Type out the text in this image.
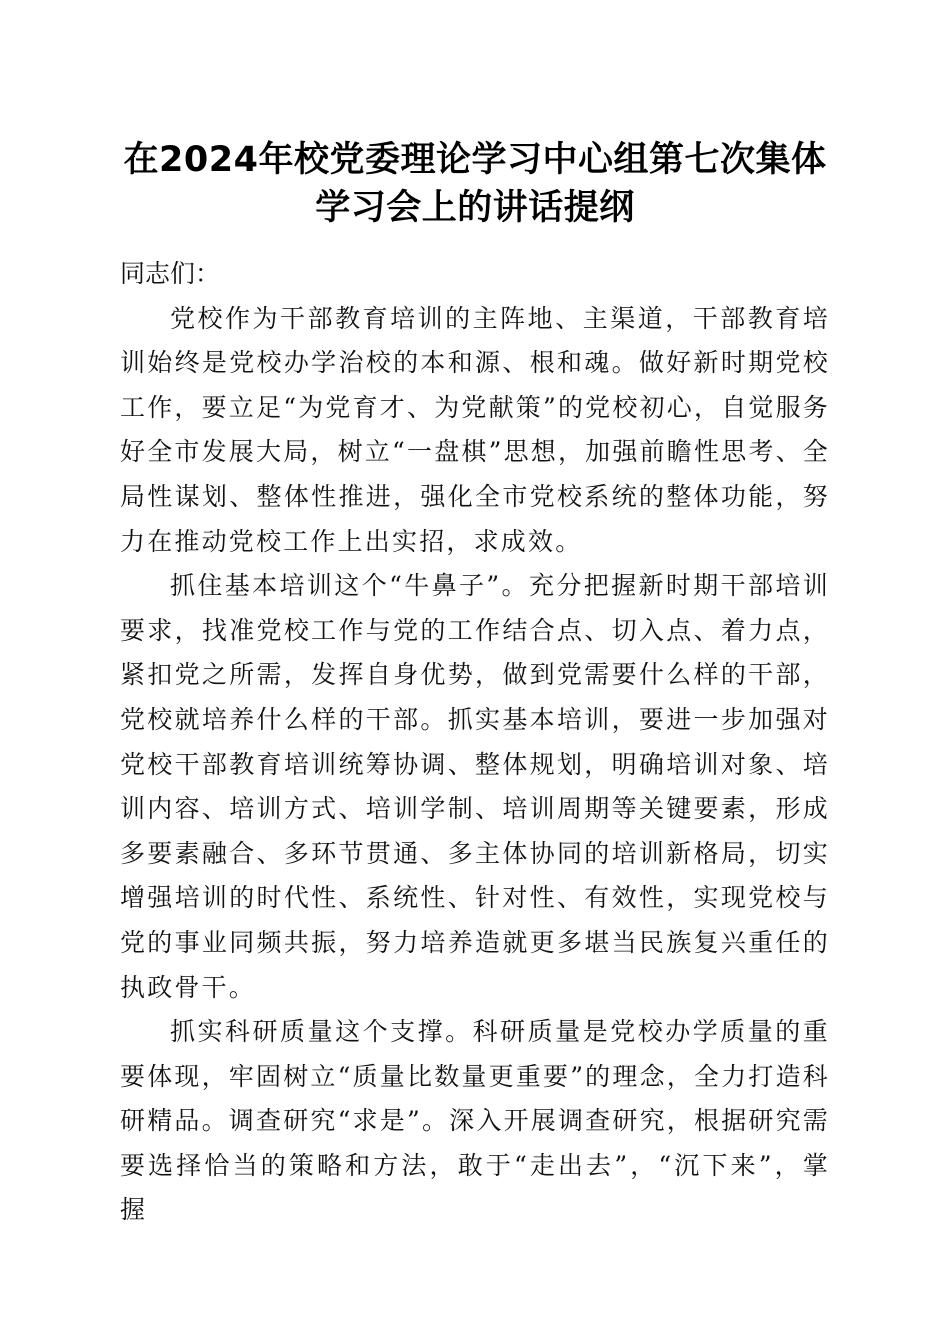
在2024年校党委理论学习中心组第七次集体
学习会上的讲话提纲

同志们：

党校作为干部教育培训的主阵地、主渠道，干部教育培训始终是党校办学治校的本和源、根和魂。做好新时期党校工作，要立足“为党育才、为党献策”的党校初心，自觉服务好全市发展大局，树立“一盘棋”思想，加强前瞻性思考、全局性谋划、整体性推进，强化全市党校系统的整体功能，努力在推动党校工作上出实招，求成效。

抓住基本培训这个“牛鼻子”。充分把握新时期干部培训要求，找准党校工作与党的工作结合点、切入点、着力点，紧扣党之所需，发挥自身优势，做到党需要什么样的干部，党校就培养什么样的干部。抓实基本培训，要进一步加强对党校干部教育培训统筹协调、整体规划，明确培训对象、培训内容、培训方式、培训学制、培训周期等关键要素，形成多要素融合、多环节贯通、多主体协同的培训新格局，切实增强培训的时代性、系统性、针对性、有效性，实现党校与党的事业同频共振，努力培养造就更多堪当民族复兴重任的执政骨干。

抓实科研质量这个支撑。科研质量是党校办学质量的重要体现，牢固树立“质量比数量更重要”的理念，全力打造科研精品。调查研究“求是”。深入开展调查研究，根据研究需要选择恰当的策略和方法，敢于“走出去”，“沉下来”，掌握
